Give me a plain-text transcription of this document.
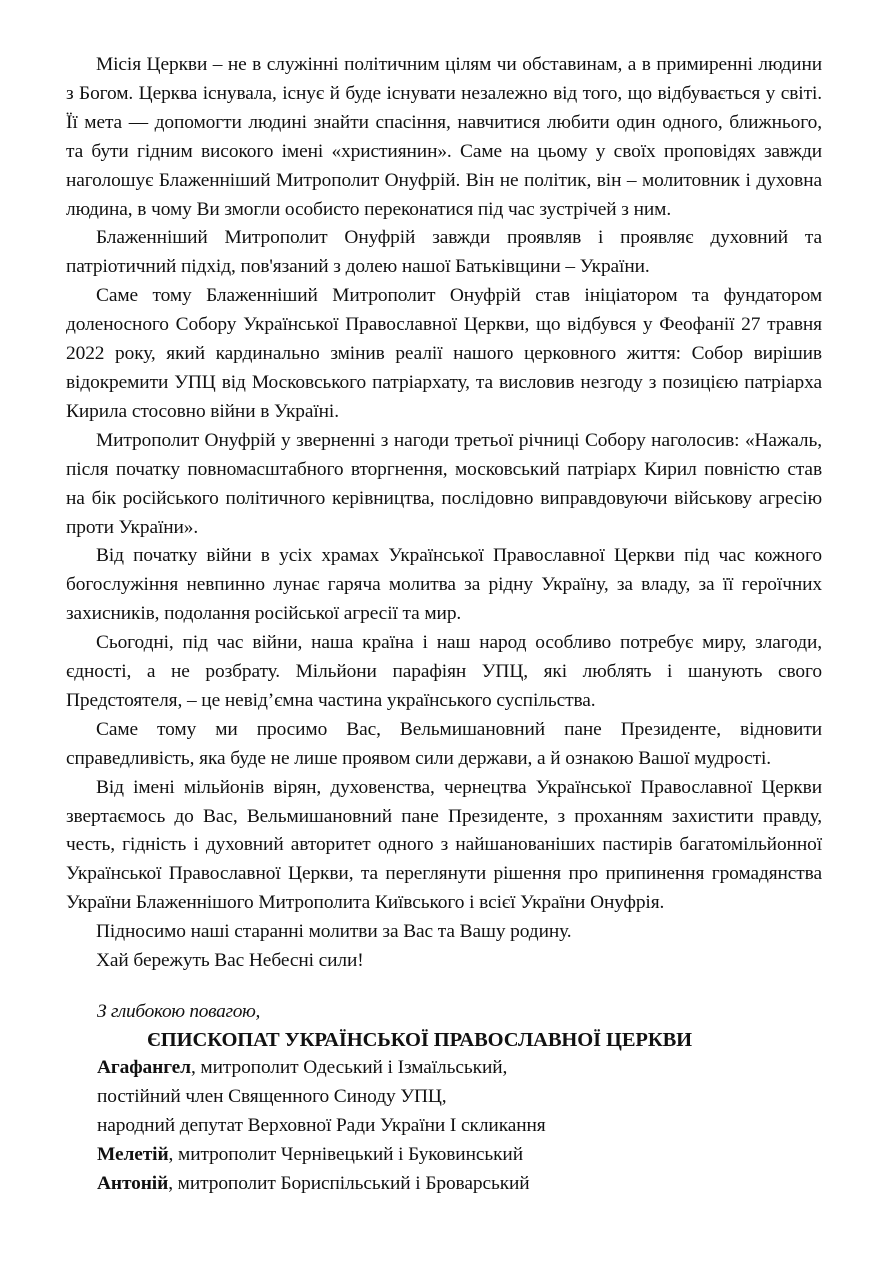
Місія Церкви – не в служінні політичним цілям чи обставинам, а в примиренні людини з Богом. Церква існувала, існує й буде існувати незалежно від того, що відбувається у світі. Її мета — допомогти людині знайти спасіння, навчитися любити один одного, ближнього, та бути гідним високого імені «християнин». Саме на цьому у своїх проповідях завжди наголошує Блаженніший Митрополит Онуфрій. Він не політик, він – молитовник і духовна людина, в чому Ви змогли особисто переконатися під час зустрічей з ним.

Блаженніший Митрополит Онуфрій завжди проявляв і проявляє духовний та патріотичний підхід, пов'язаний з долею нашої Батьківщини – України.

Саме тому Блаженніший Митрополит Онуфрій став ініціатором та фундатором доленосного Собору Української Православної Церкви, що відбувся у Феофанії 27 травня 2022 року, який кардинально змінив реалії нашого церковного життя: Собор вирішив відокремити УПЦ від Московського патріархату, та висловив незгоду з позицією патріарха Кирила стосовно війни в Україні.

Митрополит Онуфрій у зверненні з нагоди третьої річниці Собору наголосив: «Нажаль, після початку повномасштабного вторгнення, московський патріарх Кирил повністю став на бік російського політичного керівництва, послідовно виправдовуючи військову агресію проти України».

Від початку війни в усіх храмах Української Православної Церкви під час кожного богослужіння невпинно лунає гаряча молитва за рідну Україну, за владу, за її героїчних захисників, подолання російської агресії та мир.

Сьогодні, під час війни, наша країна і наш народ особливо потребує миру, злагоди, єдності, а не розбрату. Мільйони парафіян УПЦ, які люблять і шанують свого Предстоятеля, – це невід’ємна частина українського суспільства.

Саме тому ми просимо Вас, Вельмишановний пане Президенте, відновити справедливість, яка буде не лише проявом сили держави, а й ознакою Вашої мудрості.

Від імені мільйонів вірян, духовенства, чернецтва Української Православної Церкви звертаємось до Вас, Вельмишановний пане Президенте, з проханням захистити правду, честь, гідність і духовний авторитет одного з найшанованіших пастирів багатомільйонної Української Православної Церкви, та переглянути рішення про припинення громадянства України Блаженнішого Митрополита Київського і всієї України Онуфрія.

Підносимо наші старанні молитви за Вас та Вашу родину.

Хай бережуть Вас Небесні сили!

З глибокою повагою,

ЄПИСКОПАТ УКРАЇНСЬКОЇ ПРАВОСЛАВНОЇ ЦЕРКВИ

Агафангел, митрополит Одеський і Ізмаїльський,

постійний член Священного Синоду УПЦ,

народний депутат Верховної Ради України I скликання

Мелетій, митрополит Чернівецький і Буковинський

Антоній, митрополит Бориспільський і Броварський
